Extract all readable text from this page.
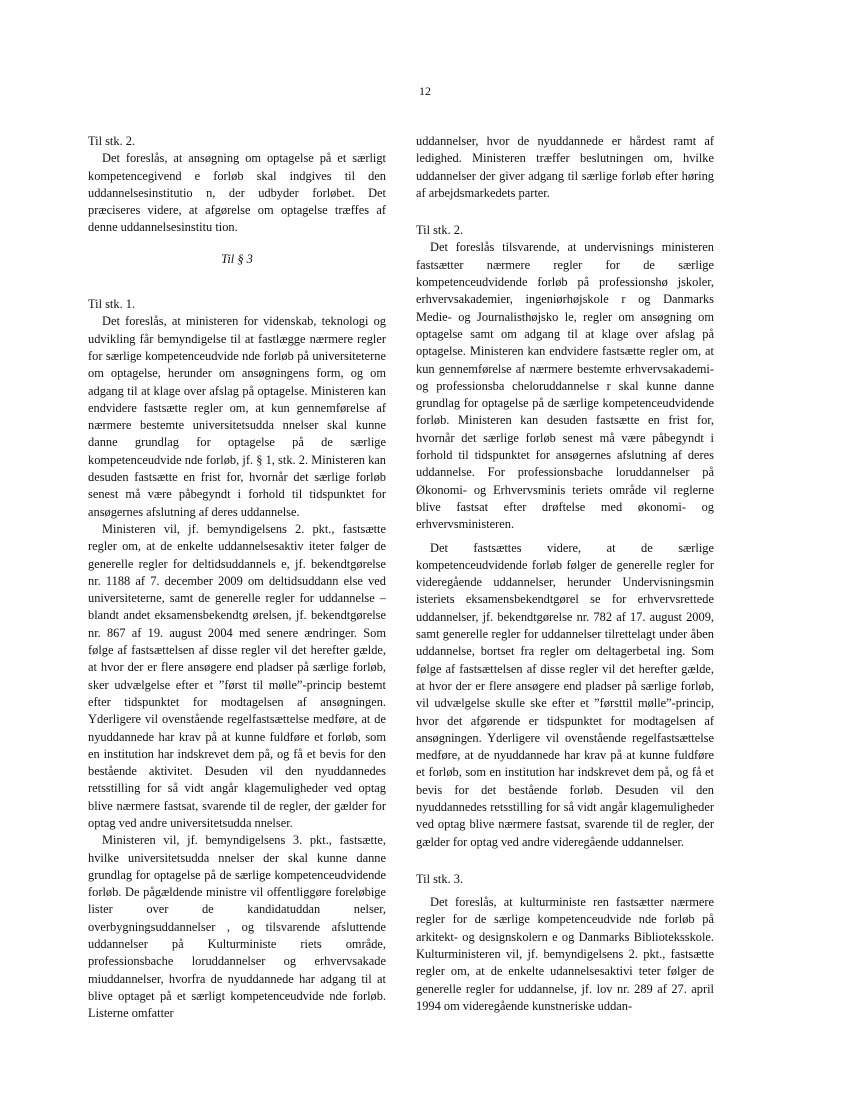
12

Til stk. 2.

Det foreslås, at ansøgning om optagelse på et særligt kompetencegivend e forløb skal indgives til den uddannelsesinstitutio n, der udbyder forløbet. Det præciseres videre, at afgørelse om optagelse træffes af denne uddannelsesinstitu tion.

Til § 3

Til stk. 1.

Det foreslås, at ministeren for videnskab, teknologi og udvikling får bemyndigelse til at fastlægge nærmere regler for særlige kompetenceudvide nde forløb på universiteterne om optagelse, herunder om ansøgningens form, og om adgang til at klage over afslag på optagelse. Ministeren kan endvidere fastsætte regler om, at kun gennemførelse af nærmere bestemte universitetsudda nnelser skal kunne danne grundlag for optagelse på de særlige kompetenceudvide nde forløb, jf. § 1, stk. 2. Ministeren kan desuden fastsætte en frist for, hvornår det særlige forløb senest må være påbegyndt i forhold til tidspunktet for ansøgernes afslutning af deres uddannelse.

Ministeren vil, jf. bemyndigelsens 2. pkt., fastsætte regler om, at de enkelte uddannelsesaktiv iteter følger de generelle regler for deltidsuddannels e, jf. bekendtgørelse nr. 1188 af 7. december 2009 om deltidsuddann else ved universiteterne, samt de generelle regler for uddannelse – blandt andet eksamensbekendtg ørelsen, jf. bekendtgørelse nr. 867 af 19. august 2004 med senere ændringer. Som følge af fastsættelsen af disse regler vil det herefter gælde, at hvor der er flere ansøgere end pladser på særlige forløb, sker udvælgelse efter et ”først til mølle”-princip bestemt efter tidspunktet for modtagelsen af ansøgningen. Yderligere vil ovenstående regelfastsættelse medføre, at de nyuddannede har krav på at kunne fuldføre et forløb, som en institution har indskrevet dem på, og få et bevis for den bestående aktivitet. Desuden vil den nyuddannedes retsstilling for så vidt angår klagemuligheder ved optag blive nærmere fastsat, svarende til de regler, der gælder for optag ved andre universitetsudda nnelser.

Ministeren vil, jf. bemyndigelsens 3. pkt., fastsætte, hvilke universitetsudda nnelser der skal kunne danne grundlag for optagelse på de særlige kompetenceudvidende forløb. De pågældende ministre vil offentliggøre foreløbige lister over de kandidatuddan nelser, overbygningsuddannelser , og tilsvarende afsluttende uddannelser på Kulturministe riets område, professionsbache loruddannelser og erhvervsakade miuddannelser, hvorfra de nyuddannede har adgang til at blive optaget på et særligt kompetenceudvide nde forløb. Listerne omfatter

uddannelser, hvor de nyuddannede er hårdest ramt af ledighed. Ministeren træffer beslutningen om, hvilke uddannelser der giver adgang til særlige forløb efter høring af arbejdsmarkedets parter.

Til stk. 2.

Det foreslås tilsvarende, at undervisnings ministeren fastsætter nærmere regler for de særlige kompetenceudvidende forløb på professionshø jskoler, erhvervsakademier, ingeniørhøjskole r og Danmarks Medie- og Journalisthøjsko le, regler om ansøgning om optagelse samt om adgang til at klage over afslag på optagelse. Ministeren kan endvidere fastsætte regler om, at kun gennemførelse af nærmere bestemte erhvervsakademi- og professionsba cheloruddannelse r skal kunne danne grundlag for optagelse på de særlige kompetenceudvidende forløb. Ministeren kan desuden fastsætte en frist for, hvornår det særlige forløb senest må være påbegyndt i forhold til tidspunktet for ansøgernes afslutning af deres uddannelse. For professionsbache loruddannelser på Økonomi- og Erhvervsminis teriets område vil reglerne blive fastsat efter drøftelse med økonomi- og erhvervsministeren.

Det fastsættes videre, at de særlige kompetenceudvidende forløb følger de generelle regler for videregående uddannelser, herunder Undervisningsmin isteriets eksamensbekendtgørel se for erhvervsrettede uddannelser, jf. bekendtgørelse nr. 782 af 17. august 2009, samt generelle regler for uddannelser tilrettelagt under åben uddannelse, bortset fra regler om deltagerbetal ing. Som følge af fastsættelsen af disse regler vil det herefter gælde, at hvor der er flere ansøgere end pladser på særlige forløb, vil udvælgelse skulle ske efter et ”førsttil mølle”-princip, hvor det afgørende er tidspunktet for modtagelsen af ansøgningen. Yderligere vil ovenstående regelfastsættelse medføre, at de nyuddannede har krav på at kunne fuldføre et forløb, som en institution har indskrevet dem på, og få et bevis for det bestående forløb. Desuden vil den nyuddannedes retsstilling for så vidt angår klagemuligheder ved optag blive nærmere fastsat, svarende til de regler, der gælder for optag ved andre videregående uddannelser.

Til stk. 3.

Det foreslås, at kulturministe ren fastsætter nærmere regler for de særlige kompetenceudvide nde forløb på arkitekt- og designskolern e og Danmarks Biblioteksskole. Kulturministeren vil, jf. bemyndigelsens 2. pkt., fastsætte regler om, at de enkelte udannelsesaktivi teter følger de generelle regler for uddannelse, jf. lov nr. 289 af 27. april 1994 om videregående kunstneriske uddan-
